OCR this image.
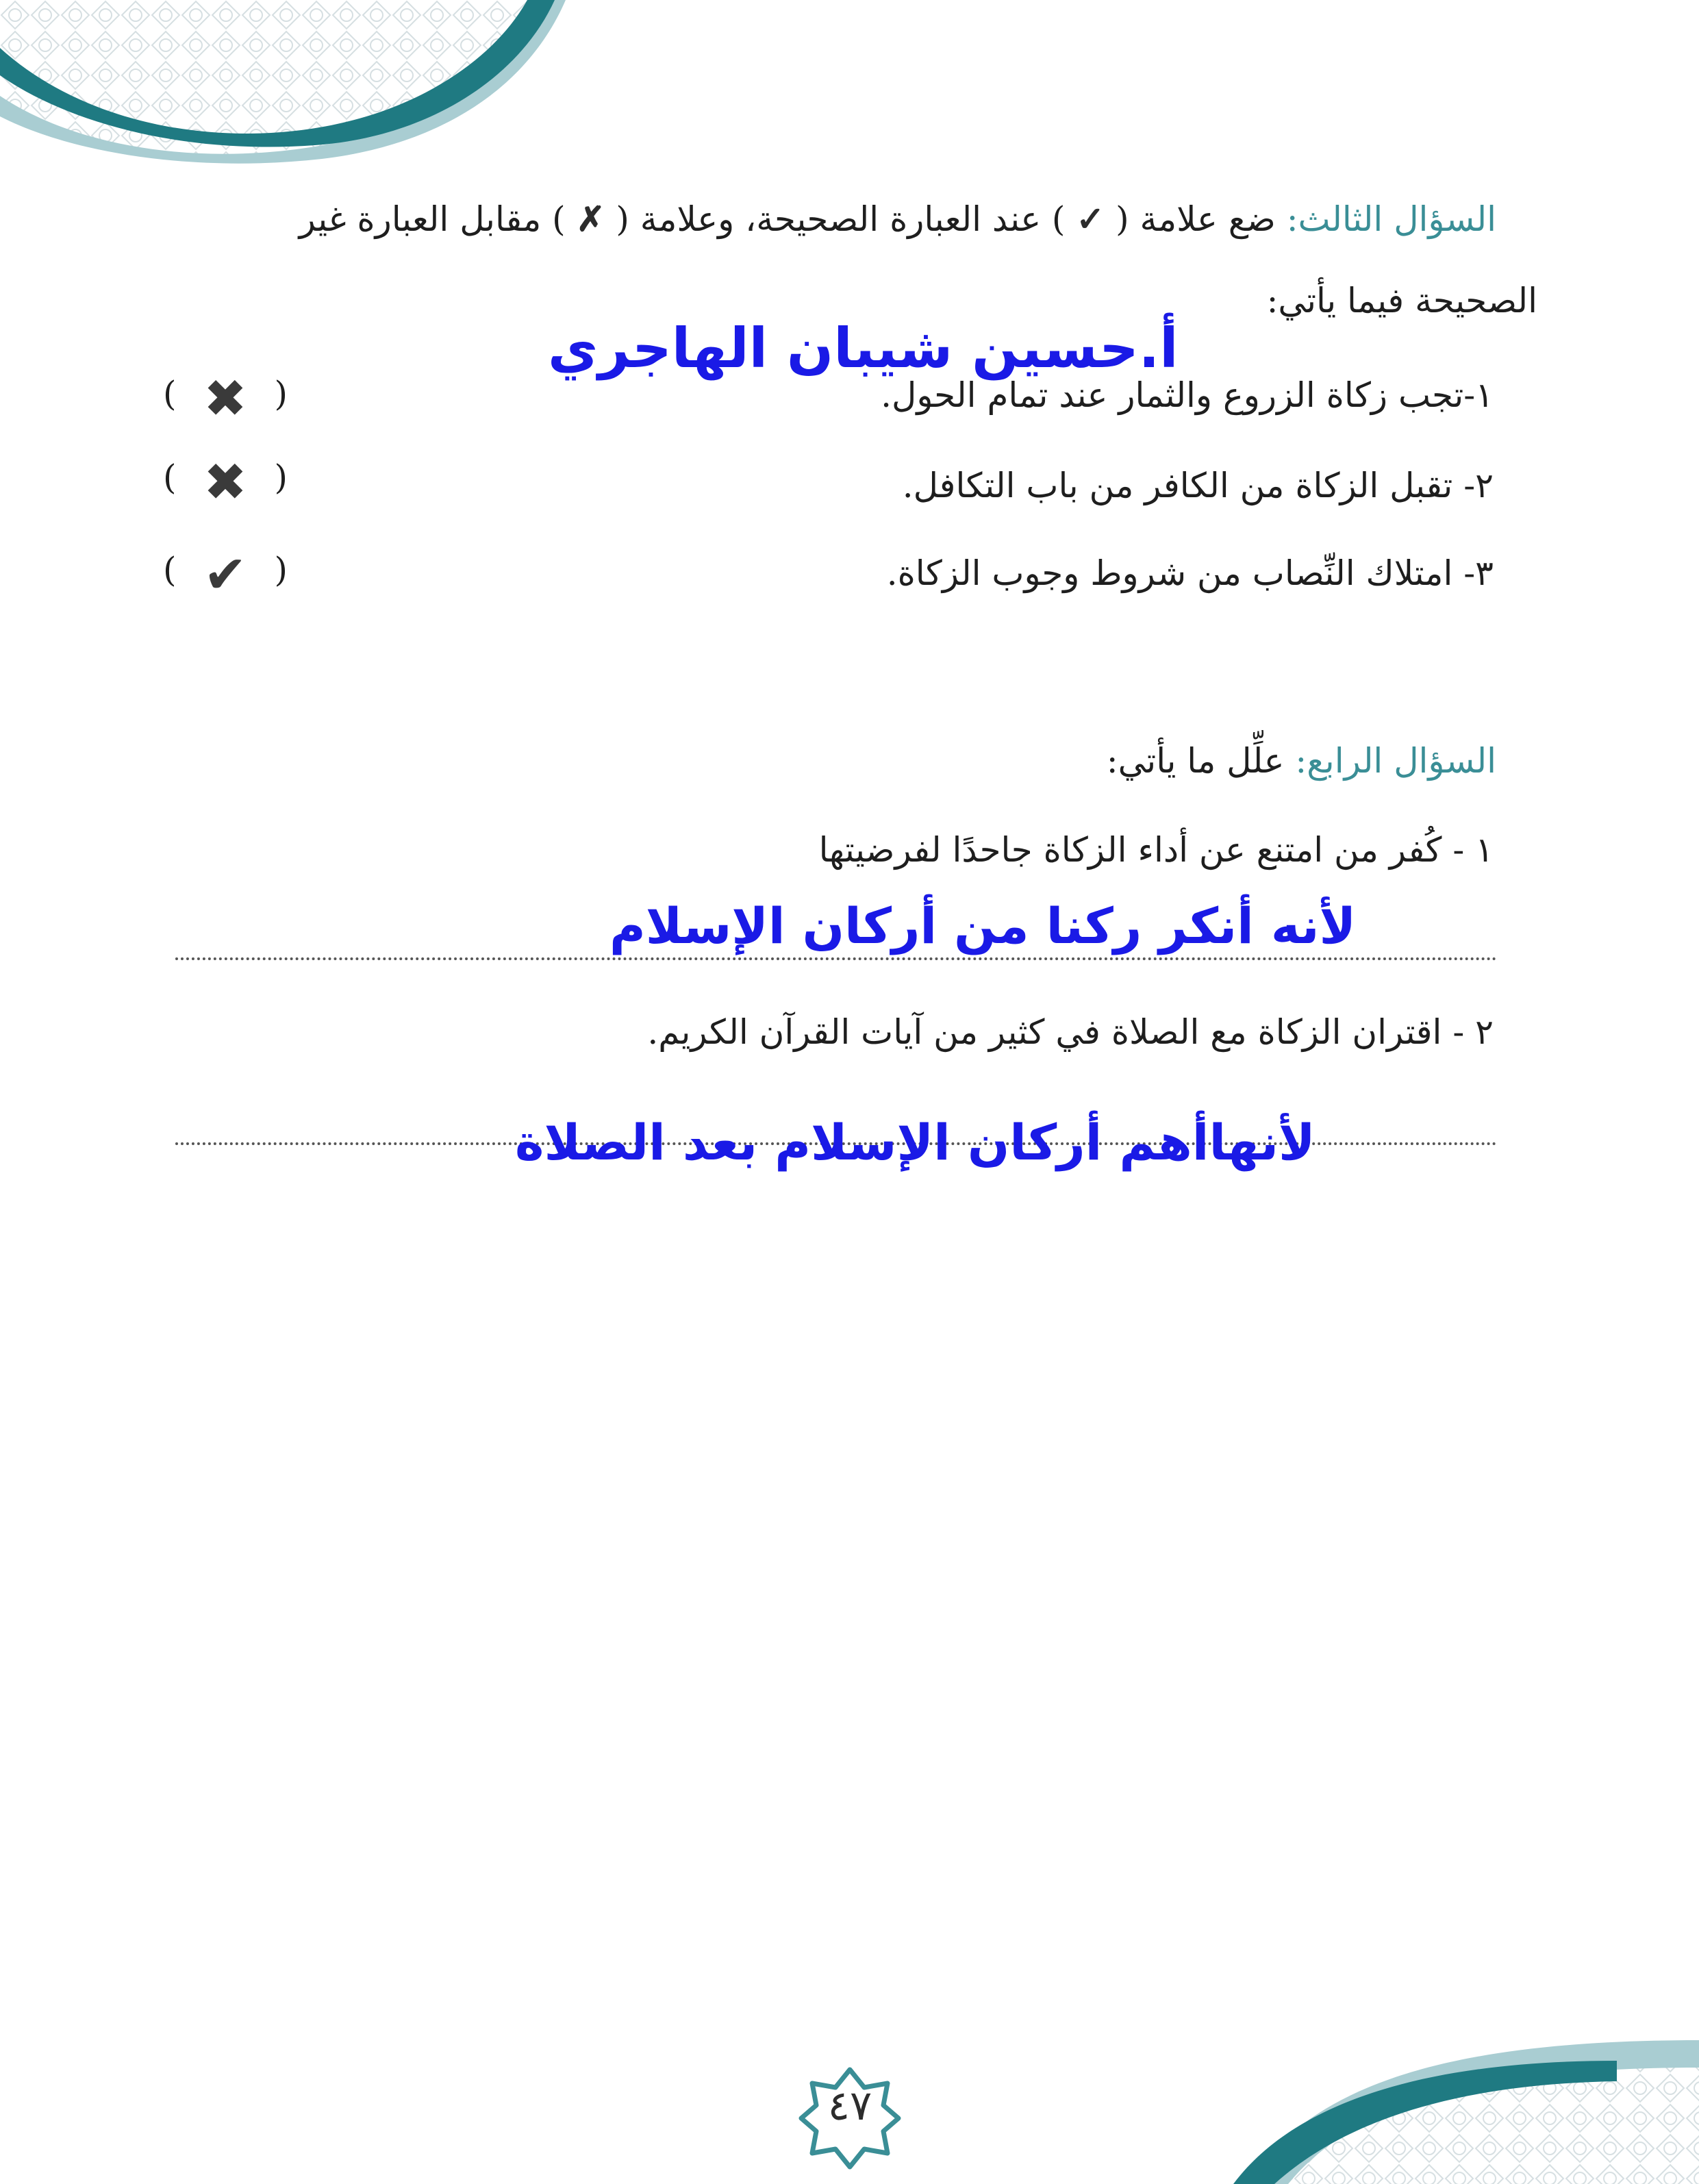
السؤال الثالث: ضع علامة ( ✓ ) عند العبارة الصحيحة، وعلامة ( ✗ ) مقابل العبارة غير
الصحيحة فيما يأتي:
أ.حسين شيبان الهاجري
١-تجب زكاة الزروع والثمار عند تمام الحول.
( ✖ )
٢- تقبل الزكاة من الكافر من باب التكافل.
( ✖ )
٣- امتلاك النِّصاب من شروط وجوب الزكاة.
( ✔ )
السؤال الرابع: علِّل ما يأتي:
١ - كُفر من امتنع عن أداء الزكاة جاحدًا لفرضيتها
لأنه أنكر ركنا من أركان الإسلام
٢ - اقتران الزكاة مع الصلاة في كثير من آيات القرآن الكريم.
لأنهاأهم أركان الإسلام بعد الصلاة
٤٧
